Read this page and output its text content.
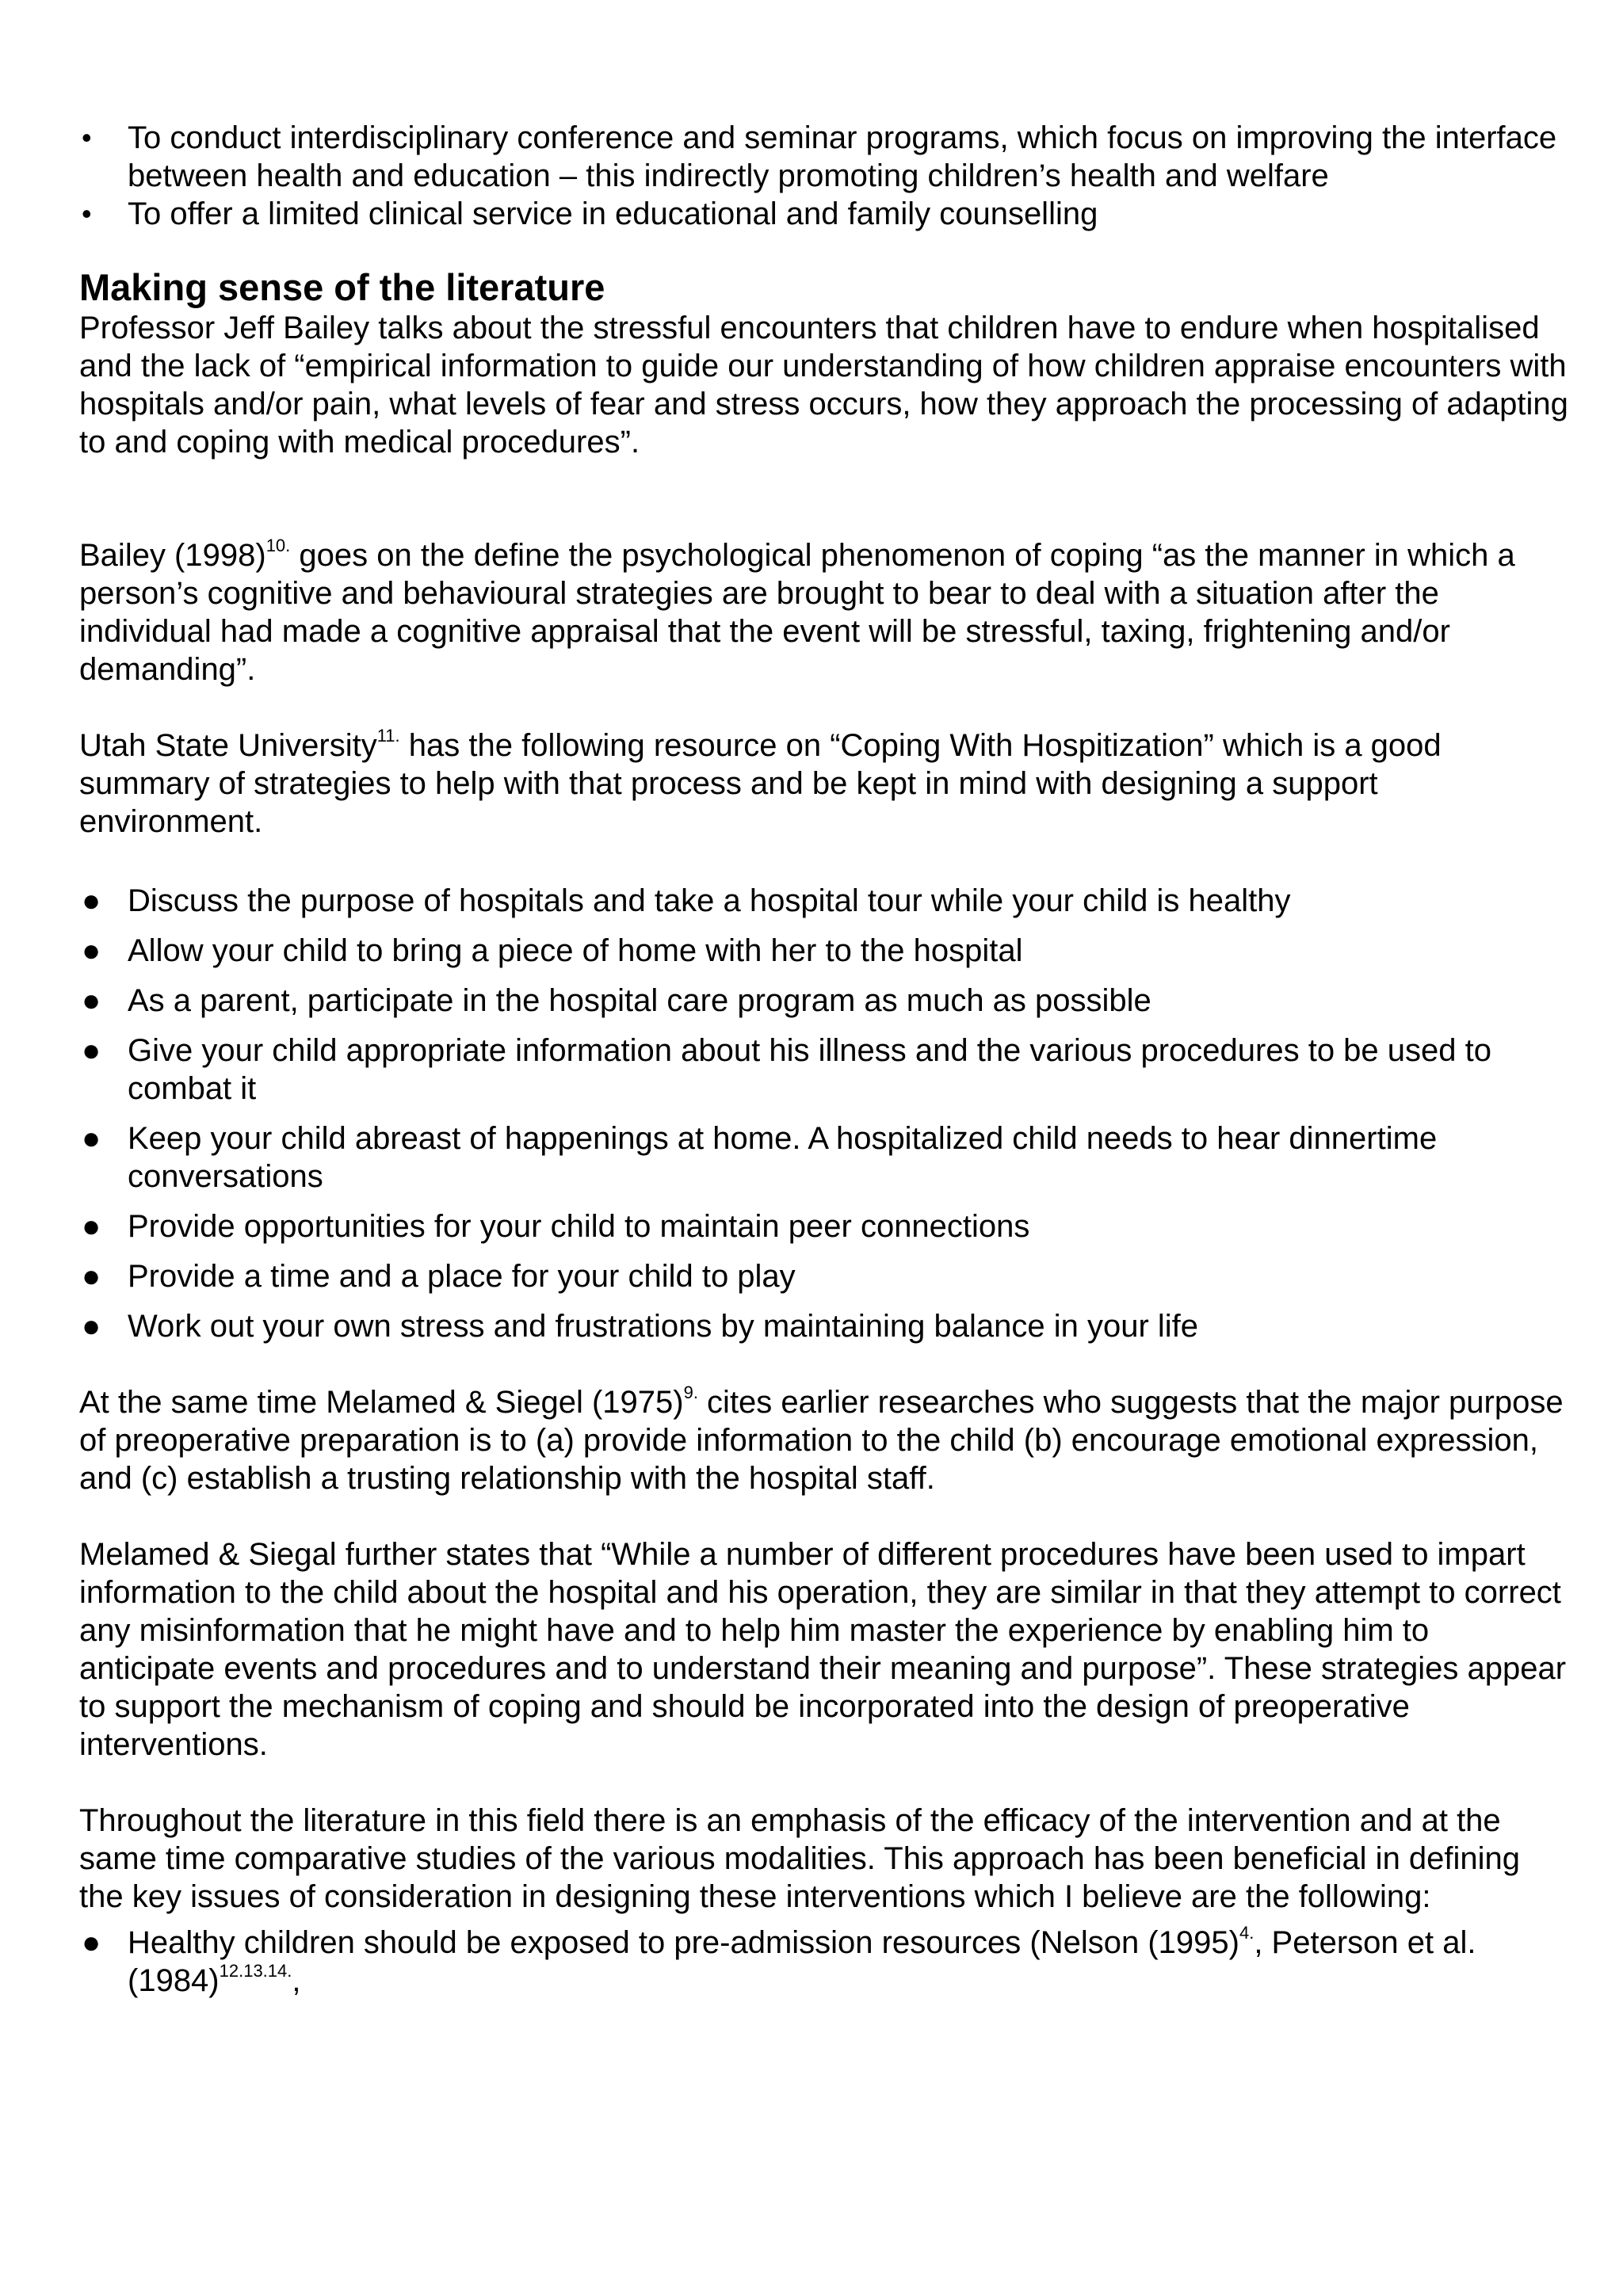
• To conduct interdisciplinary conference and seminar programs, which focus on improving the interface between health and education – this indirectly promoting children’s health and welfare
• To offer a limited clinical service in educational and family counselling
Making sense of the literature

Professor Jeff Bailey talks about the stressful encounters that children have to endure when hospitalised and the lack of “empirical information to guide our understanding of how children appraise encounters with hospitals and/or pain, what levels of fear and stress occurs, how they approach the processing of adapting to and coping with medical procedures”.

Bailey $(1998)^{10.}$ goes on the define the psychological phenomenon of coping “as the manner in which a person’s cognitive and behavioural strategies are brought to bear to deal with a situation after the individual had made a cognitive appraisal that the event will be stressful, taxing, frightening and/or demanding”.

Utah State University$^{11.}$ has the following resource on “Coping With Hospitization” which is a good summary of strategies to help with that process and be kept in mind with designing a support environment.

● Discuss the purpose of hospitals and take a hospital tour while your child is healthy
● Allow your child to bring a piece of home with her to the hospital
● As a parent, participate in the hospital care program as much as possible
● Give your child appropriate information about his illness and the various procedures to be used to combat it
● Keep your child abreast of happenings at home. A hospitalized child needs to hear dinnertime conversations
● Provide opportunities for your child to maintain peer connections
● Provide a time and a place for your child to play
● Work out your own stress and frustrations by maintaining balance in your life

At the same time Melamed & Siegel $(1975)^{9.}$ cites earlier researches who suggests that the major purpose of preoperative preparation is to (a) provide information to the child (b) encourage emotional expression, and (c) establish a trusting relationship with the hospital staff.

Melamed & Siegal further states that “While a number of different procedures have been used to impart information to the child about the hospital and his operation, they are similar in that they attempt to correct any misinformation that he might have and to help him master the experience by enabling him to anticipate events and procedures and to understand their meaning and purpose”. These strategies appear to support the mechanism of coping and should be incorporated into the design of preoperative interventions.

Throughout the literature in this field there is an emphasis of the efficacy of the intervention and at the same time comparative studies of the various modalities. This approach has been beneficial in defining the key issues of consideration in designing these interventions which I believe are the following:

● Healthy children should be exposed to pre-admission resources (Nelson $(1995)^{4.}$, Peterson et al. $(1984)^{12.13.14.}$,
